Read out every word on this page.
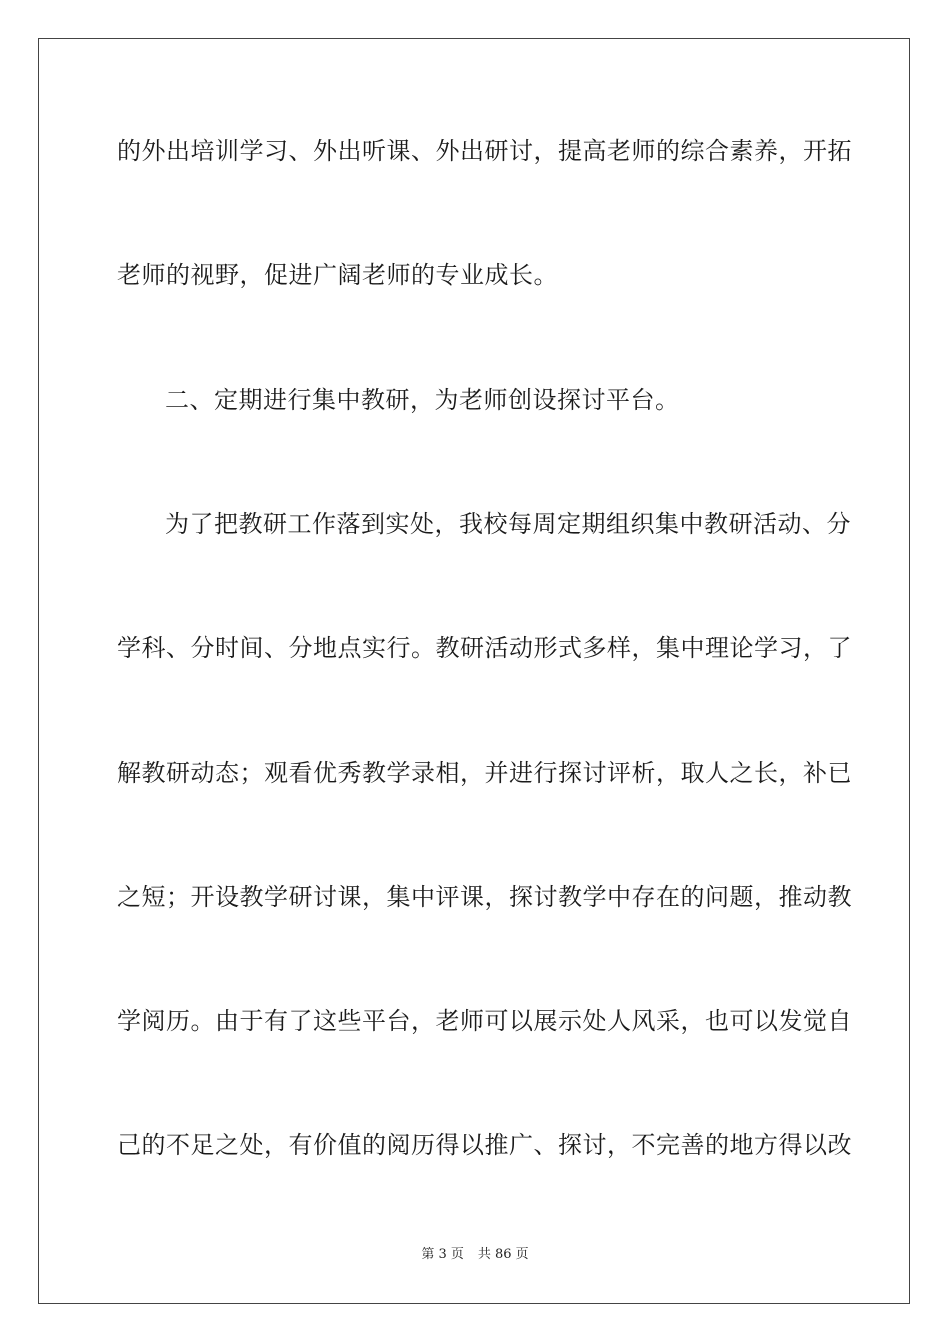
的外出培训学习、外出听课、外出研讨，提高老师的综合素养，开拓
老师的视野，促进广阔老师的专业成长。
二、定期进行集中教研，为老师创设探讨平台。
为了把教研工作落到实处，我校每周定期组织集中教研活动、分
学科、分时间、分地点实行。教研活动形式多样，集中理论学习，了
解教研动态；观看优秀教学录相，并进行探讨评析，取人之长，补已
之短；开设教学研讨课，集中评课，探讨教学中存在的问题，推动教
学阅历。由于有了这些平台，老师可以展示处人风采，也可以发觉自
己的不足之处，有价值的阅历得以推广、探讨，不完善的地方得以改
第 3 页 共 86 页
